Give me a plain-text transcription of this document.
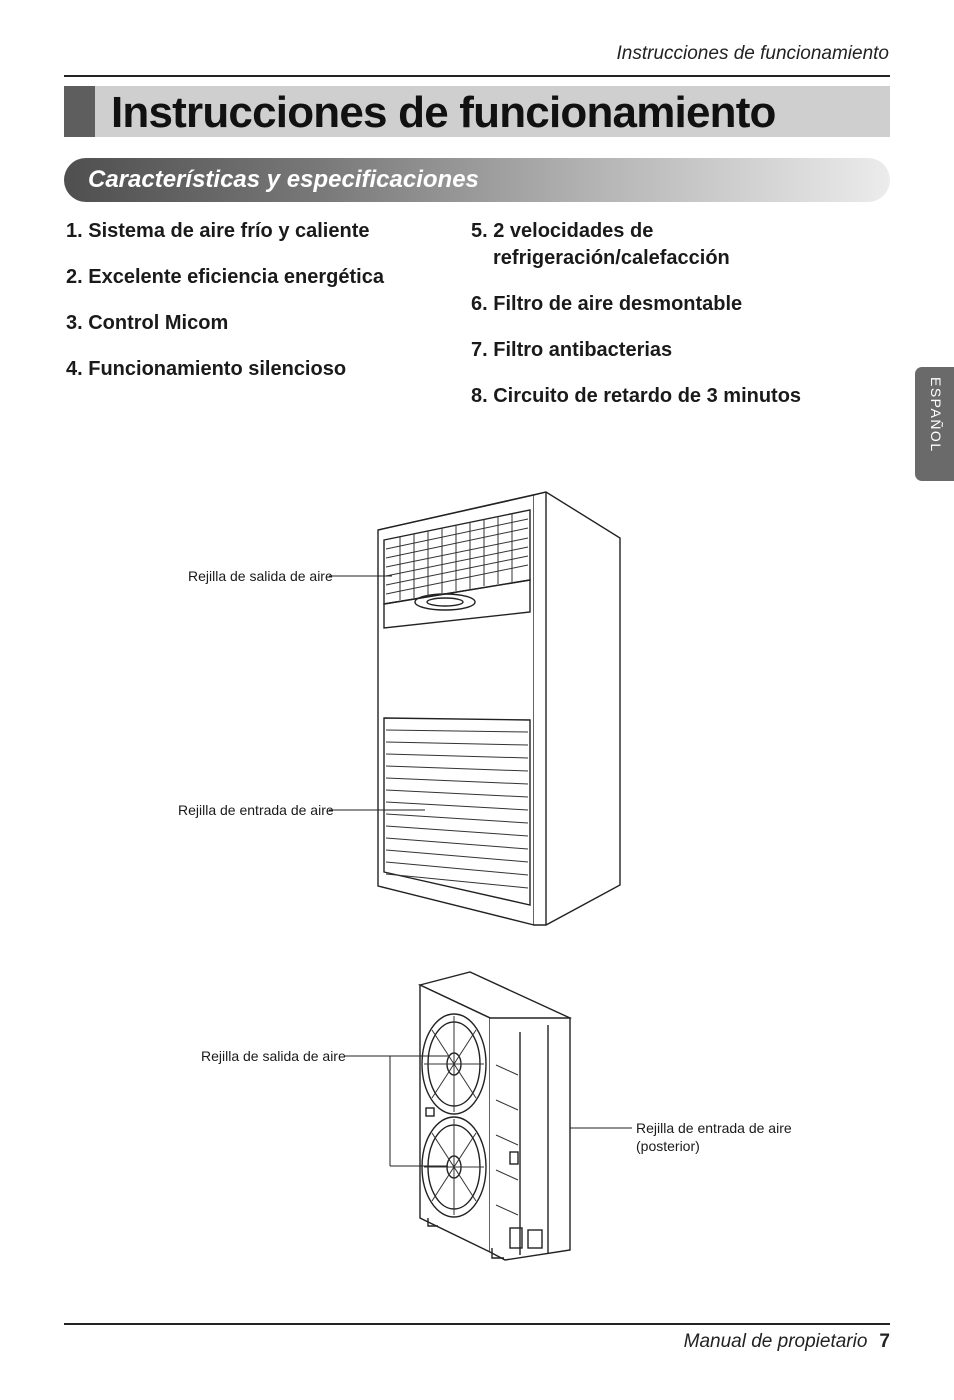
Instrucciones de funcionamiento
Instrucciones de funcionamiento
Características y especificaciones
1. Sistema de aire frío y caliente
2. Excelente eficiencia energética
3. Control Micom
4. Funcionamiento silencioso
5. 2 velocidades de
refrigeración/calefacción
6. Filtro de aire desmontable
7. Filtro antibacterias
8. Circuito de retardo de 3 minutos	ESPAÑOL
Rejilla de salida de aire
Rejilla de entrada de aire
Rejilla de salida de aire
Rejilla de entrada de aire
(posterior)
Manual de propietario 7
